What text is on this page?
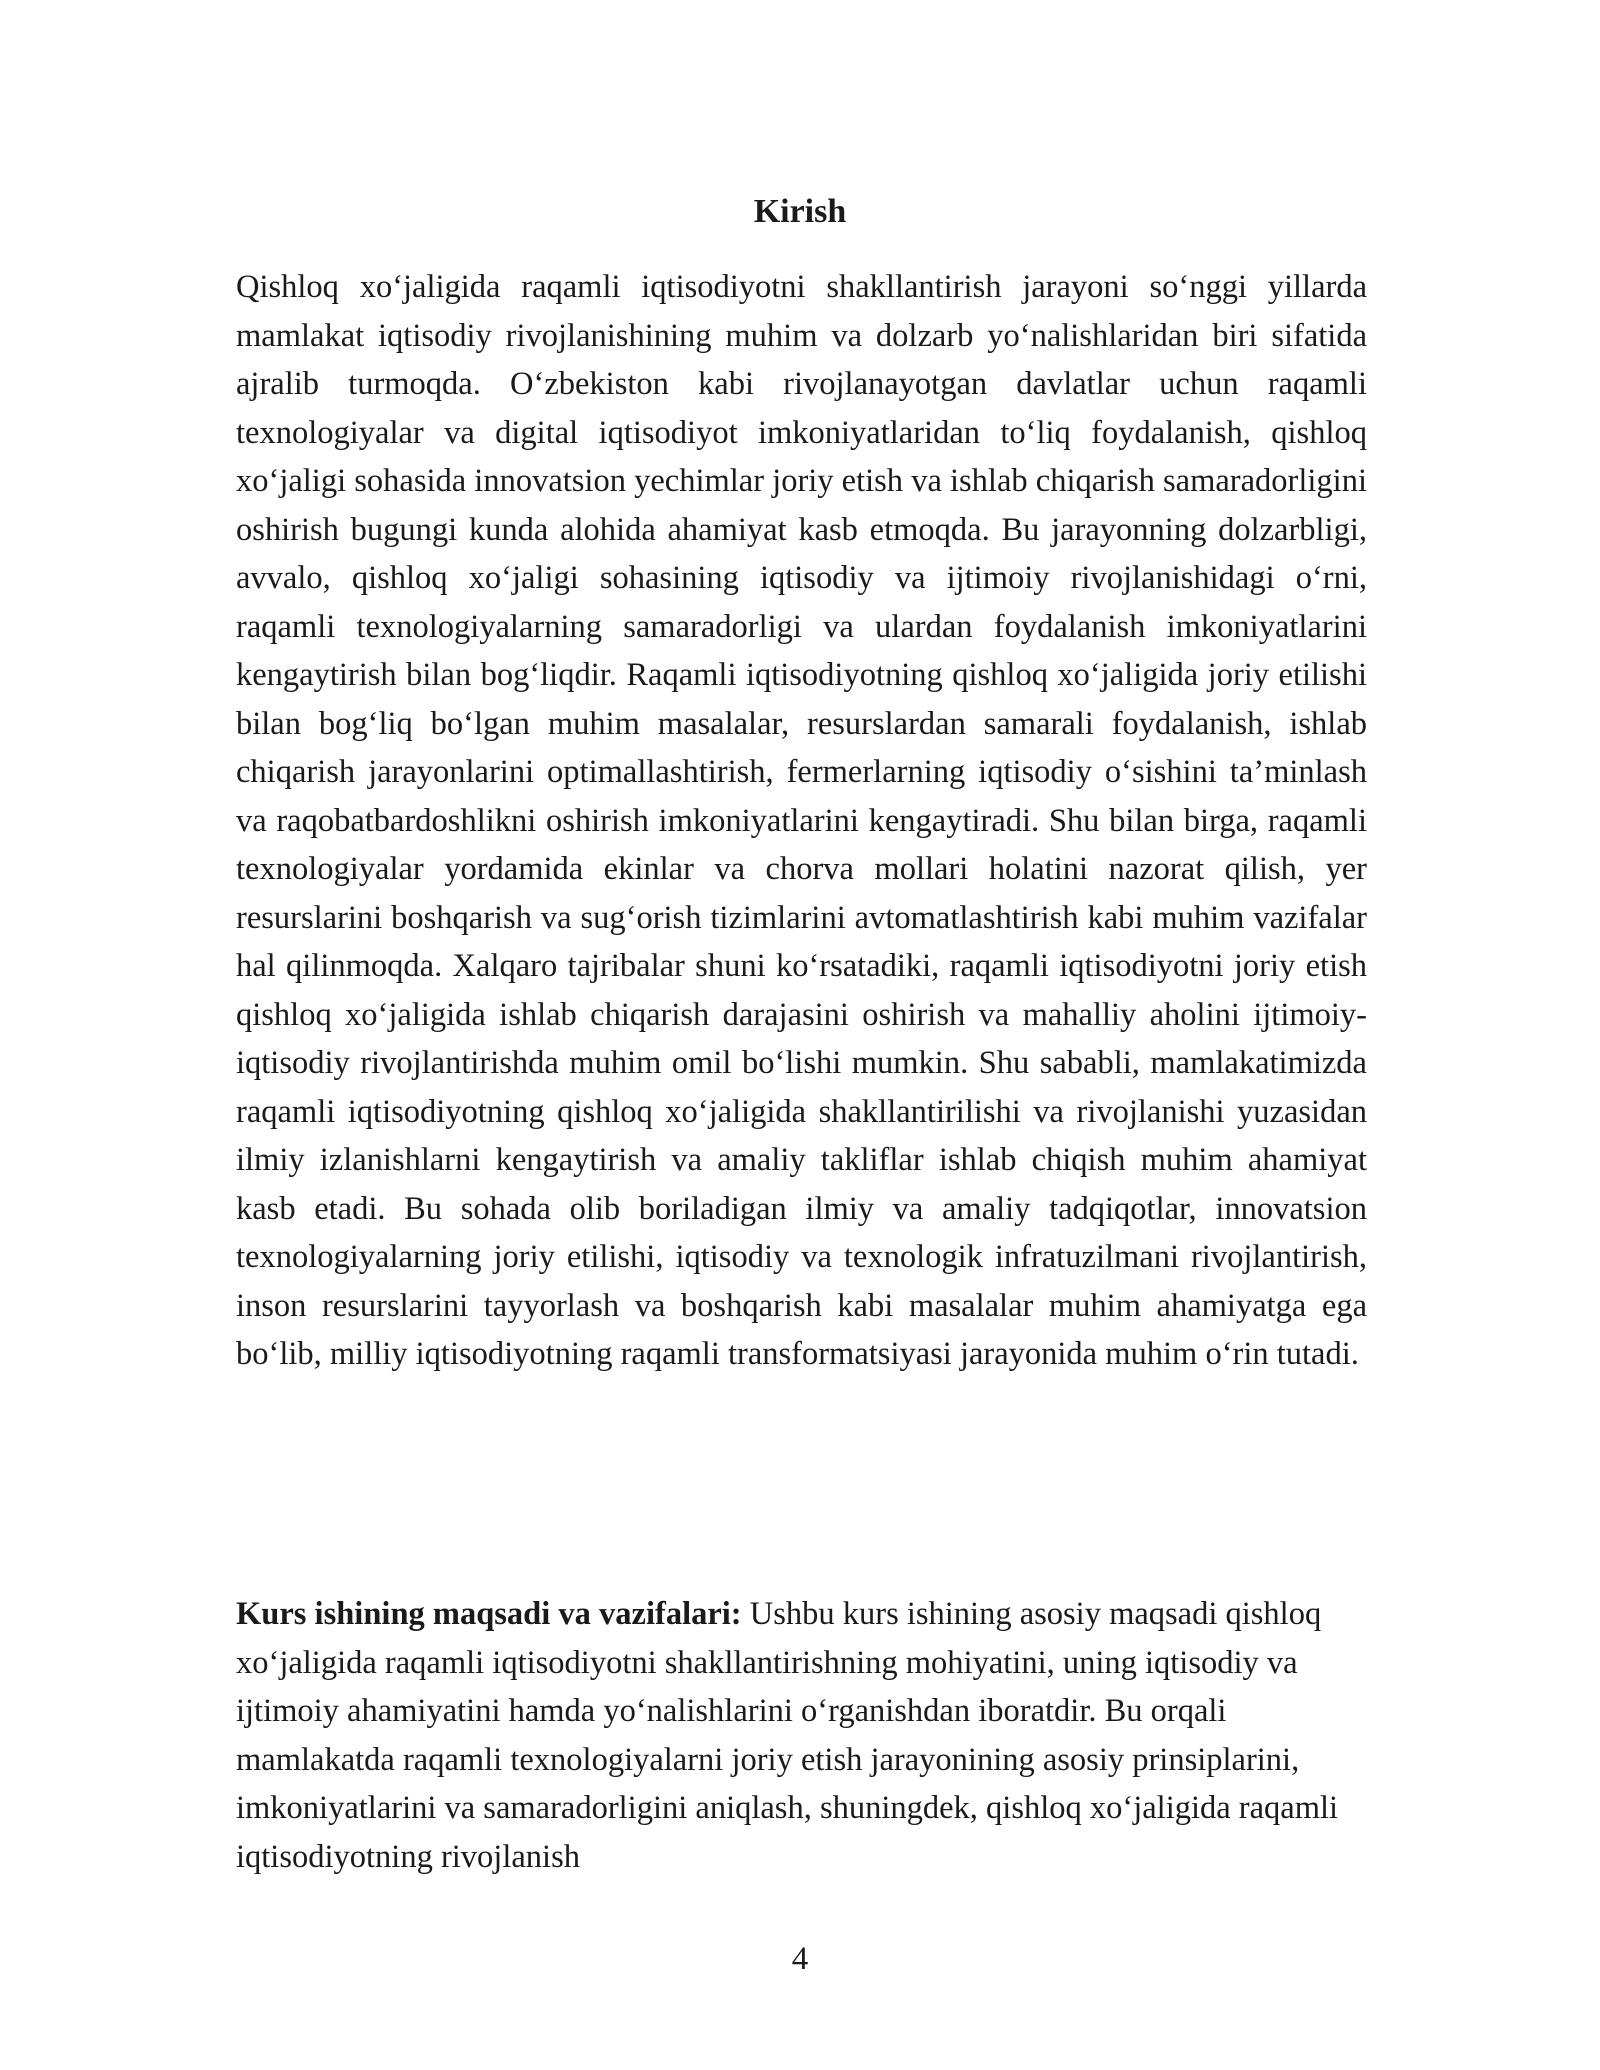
Kirish

Qishloq xo‘jaligida raqamli iqtisodiyotni shakllantirish jarayoni so‘nggi yillarda mamlakat iqtisodiy rivojlanishining muhim va dolzarb yo‘nalishlaridan biri sifatida ajralib turmoqda. O‘zbekiston kabi rivojlanayotgan davlatlar uchun raqamli texnologiyalar va digital iqtisodiyot imkoniyatlaridan to‘liq foydalanish, qishloq xo‘jaligi sohasida innovatsion yechimlar joriy etish va ishlab chiqarish samaradorligini oshirish bugungi kunda alohida ahamiyat kasb etmoqda. Bu jarayonning dolzarbligi, avvalo, qishloq xo‘jaligi sohasining iqtisodiy va ijtimoiy rivojlanishidagi o‘rni, raqamli texnologiyalarning samaradorligi va ulardan foydalanish imkoniyatlarini kengaytirish bilan bog‘liqdir. Raqamli iqtisodiyotning qishloq xo‘jaligida joriy etilishi bilan bog‘liq bo‘lgan muhim masalalar, resurslardan samarali foydalanish, ishlab chiqarish jarayonlarini optimallashtirish, fermerlarning iqtisodiy o‘sishini ta’minlash va raqobatbardoshlikni oshirish imkoniyatlarini kengaytiradi. Shu bilan birga, raqamli texnologiyalar yordamida ekinlar va chorva mollari holatini nazorat qilish, yer resurslarini boshqarish va sug‘orish tizimlarini avtomatlashtirish kabi muhim vazifalar hal qilinmoqda. Xalqaro tajribalar shuni ko‘rsatadiki, raqamli iqtisodiyotni joriy etish qishloq xo‘jaligida ishlab chiqarish darajasini oshirish va mahalliy aholini ijtimoiy-iqtisodiy rivojlantirishda muhim omil bo‘lishi mumkin. Shu sababli, mamlakatimizda raqamli iqtisodiyotning qishloq xo‘jaligida shakllantirilishi va rivojlanishi yuzasidan ilmiy izlanishlarni kengaytirish va amaliy takliflar ishlab chiqish muhim ahamiyat kasb etadi. Bu sohada olib boriladigan ilmiy va amaliy tadqiqotlar, innovatsion texnologiyalarning joriy etilishi, iqtisodiy va texnologik infratuzilmani rivojlantirish, inson resurslarini tayyorlash va boshqarish kabi masalalar muhim ahamiyatga ega bo‘lib, milliy iqtisodiyotning raqamli transformatsiyasi jarayonida muhim o‘rin tutadi.

Kurs ishining maqsadi va vazifalari: Ushbu kurs ishining asosiy maqsadi qishloq xo‘jaligida raqamli iqtisodiyotni shakllantirishning mohiyatini, uning iqtisodiy va ijtimoiy ahamiyatini hamda yo‘nalishlarini o‘rganishdan iboratdir. Bu orqali mamlakatda raqamli texnologiyalarni joriy etish jarayonining asosiy prinsiplarini, imkoniyatlarini va samaradorligini aniqlash, shuningdek, qishloq xo‘jaligida raqamli iqtisodiyotning rivojlanish

4
